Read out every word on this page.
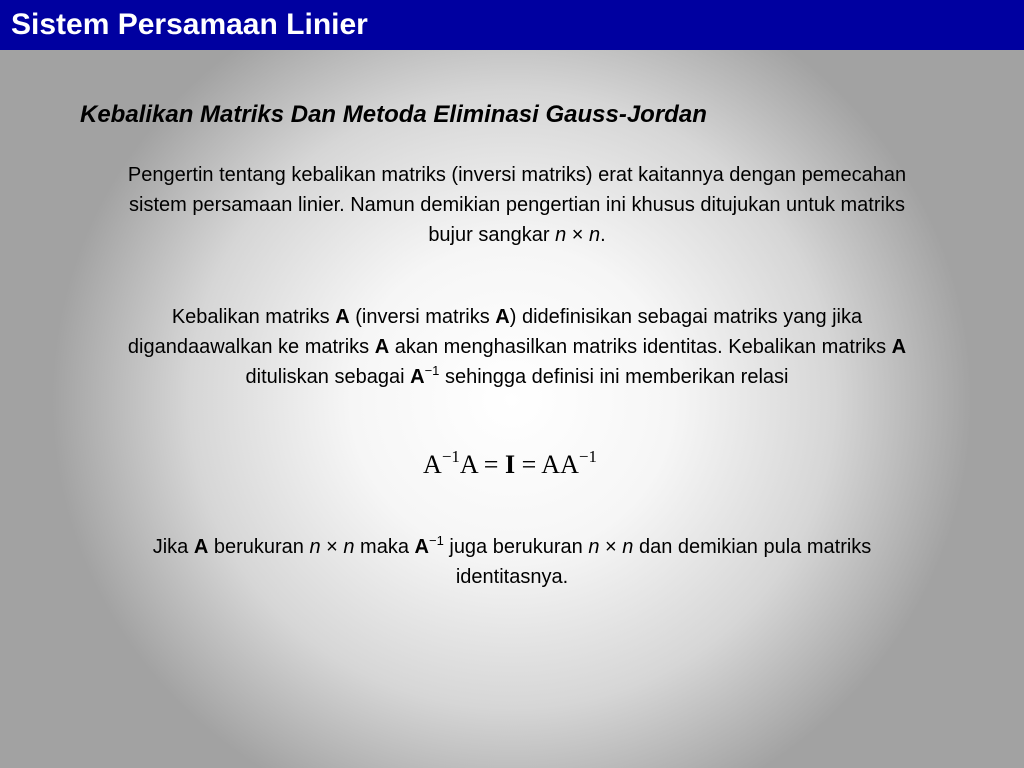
Sistem Persamaan Linier
Kebalikan Matriks Dan Metoda Eliminasi Gauss-Jordan

Pengertin tentang kebalikan matriks (inversi matriks) erat kaitannya dengan pemecahan sistem persamaan linier. Namun demikian pengertian ini khusus ditujukan untuk matriks bujur sangkar n × n.

Kebalikan matriks A (inversi matriks A) didefinisikan sebagai matriks yang jika digandaawalkan ke matriks A akan menghasilkan matriks identitas. Kebalikan matriks A dituliskan sebagai $A^{-1}$ sehingga definisi ini memberikan relasi

$A^{-1}A = I = AA^{-1}$

Jika A berukuran n × n maka $A^{-1}$ juga berukuran n × n dan demikian pula matriks identitasnya.
